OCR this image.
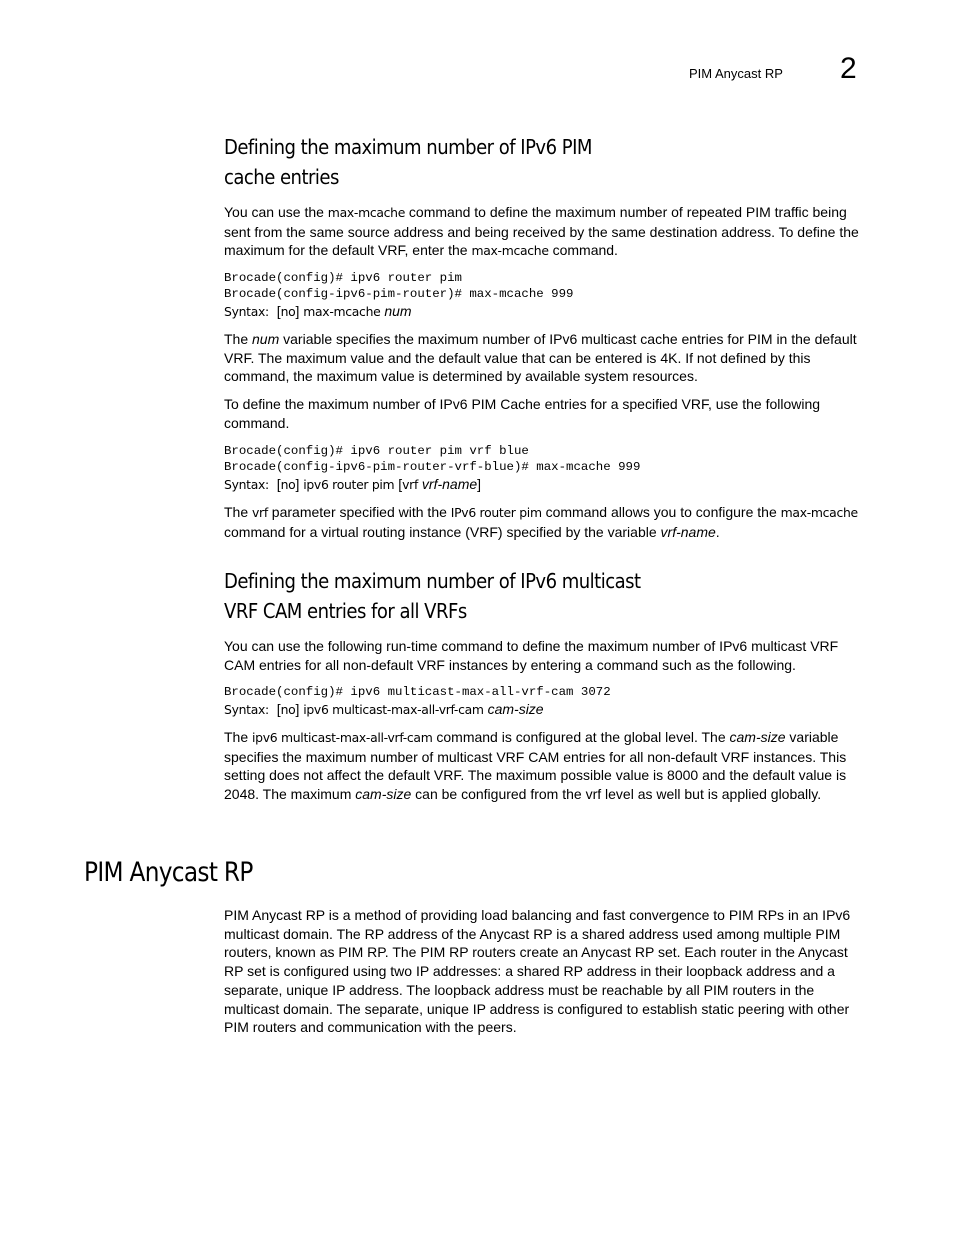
PIM Anycast RP 2
Defining the maximum number of IPv6 PIM
cache entries

You can use the max-mcache command to define the maximum number of repeated PIM traffic being sent from the same source address and being received by the same destination address. To define the maximum for the default VRF, enter the max-mcache command.

Brocade(config)# ipv6 router pim
Brocade(config-ipv6-pim-router)# max-mcache 999

Syntax: [no] max-mcache num

The num variable specifies the maximum number of IPv6 multicast cache entries for PIM in the default VRF. The maximum value and the default value that can be entered is 4K. If not defined by this command, the maximum value is determined by available system resources.

To define the maximum number of IPv6 PIM Cache entries for a specified VRF, use the following command.

Brocade(config)# ipv6 router pim vrf blue
Brocade(config-ipv6-pim-router-vrf-blue)# max-mcache 999

Syntax: [no] ipv6 router pim [vrf vrf-name]

The vrf parameter specified with the IPv6 router pim command allows you to configure the max-mcache command for a virtual routing instance (VRF) specified by the variable vrf-name.

Defining the maximum number of IPv6 multicast
VRF CAM entries for all VRFs

You can use the following run-time command to define the maximum number of IPv6 multicast VRF CAM entries for all non-default VRF instances by entering a command such as the following.

Brocade(config)# ipv6 multicast-max-all-vrf-cam 3072

Syntax: [no] ipv6 multicast-max-all-vrf-cam cam-size

The ipv6 multicast-max-all-vrf-cam command is configured at the global level. The cam-size variable specifies the maximum number of multicast VRF CAM entries for all non-default VRF instances. This setting does not affect the default VRF. The maximum possible value is 8000 and the default value is 2048. The maximum cam-size can be configured from the vrf level as well but is applied globally.

PIM Anycast RP

PIM Anycast RP is a method of providing load balancing and fast convergence to PIM RPs in an IPv6 multicast domain. The RP address of the Anycast RP is a shared address used among multiple PIM routers, known as PIM RP. The PIM RP routers create an Anycast RP set. Each router in the Anycast RP set is configured using two IP addresses: a shared RP address in their loopback address and a separate, unique IP address. The loopback address must be reachable by all PIM routers in the multicast domain. The separate, unique IP address is configured to establish static peering with other PIM routers and communication with the peers.
